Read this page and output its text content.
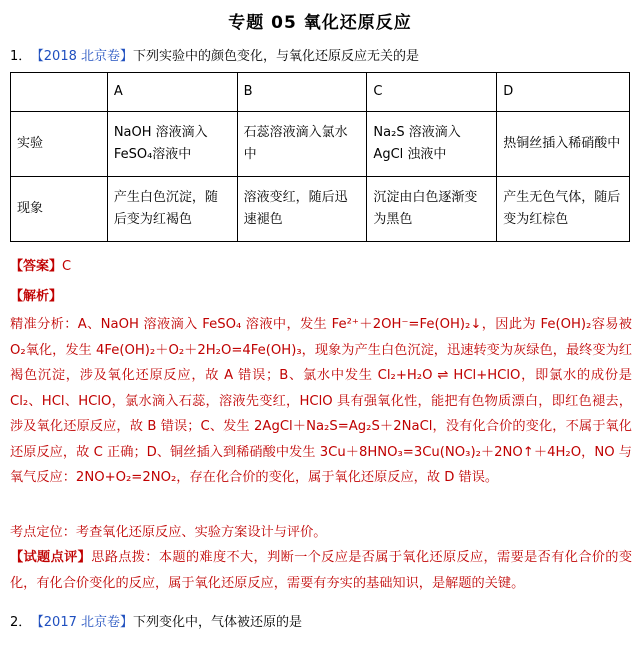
专题 05 氧化还原反应
1． 【2018 北京卷】下列实验中的颜色变化，与氧化还原反应无关的是
	A	B	C	D
实验	NaOH 溶液滴入 FeSO₄溶液中	石蕊溶液滴入氯水中	Na₂S 溶液滴入 AgCl 浊液中	热铜丝插入稀硝酸中
现象	产生白色沉淀，随后变为红褐色	溶液变红，随后迅速褪色	沉淀由白色逐渐变为黑色	产生无色气体，随后变为红棕色
【答案】C
【解析】
精准分析：A、NaOH 溶液滴入 FeSO₄ 溶液中，发生 Fe²⁺＋2OH⁻=Fe(OH)₂↓，因此为 Fe(OH)₂容易被 O₂氧化，发生 4Fe(OH)₂＋O₂＋2H₂O=4Fe(OH)₃，现象为产生白色沉淀，迅速转变为灰绿色，最终变为红褐色沉淀，涉及氧化还原反应，故 A 错误；B、氯水中发生 Cl₂+H₂O ⇌ HCl+HClO，即氯水的成份是 Cl₂、HCl、HClO，氯水滴入石蕊，溶液先变红，HClO 具有强氧化性，能把有色物质漂白，即红色褪去，涉及氧化还原反应，故 B 错误；C、发生 2AgCl＋Na₂S=Ag₂S＋2NaCl，没有化合价的变化，不属于氧化还原反应，故 C 正确；D、铜丝插入到稀硝酸中发生 3Cu＋8HNO₃=3Cu(NO₃)₂＋2NO↑＋4H₂O，NO 与氧气反应：2NO+O₂=2NO₂，存在化合价的变化，属于氧化还原反应，故 D 错误。
考点定位：考查氧化还原反应、实验方案设计与评价。
【试题点评】思路点拨：本题的难度不大，判断一个反应是否属于氧化还原反应，需要是否有化合价的变化，有化合价变化的反应，属于氧化还原反应，需要有夯实的基础知识，是解题的关键。
2． 【2017 北京卷】下列变化中，气体被还原的是
